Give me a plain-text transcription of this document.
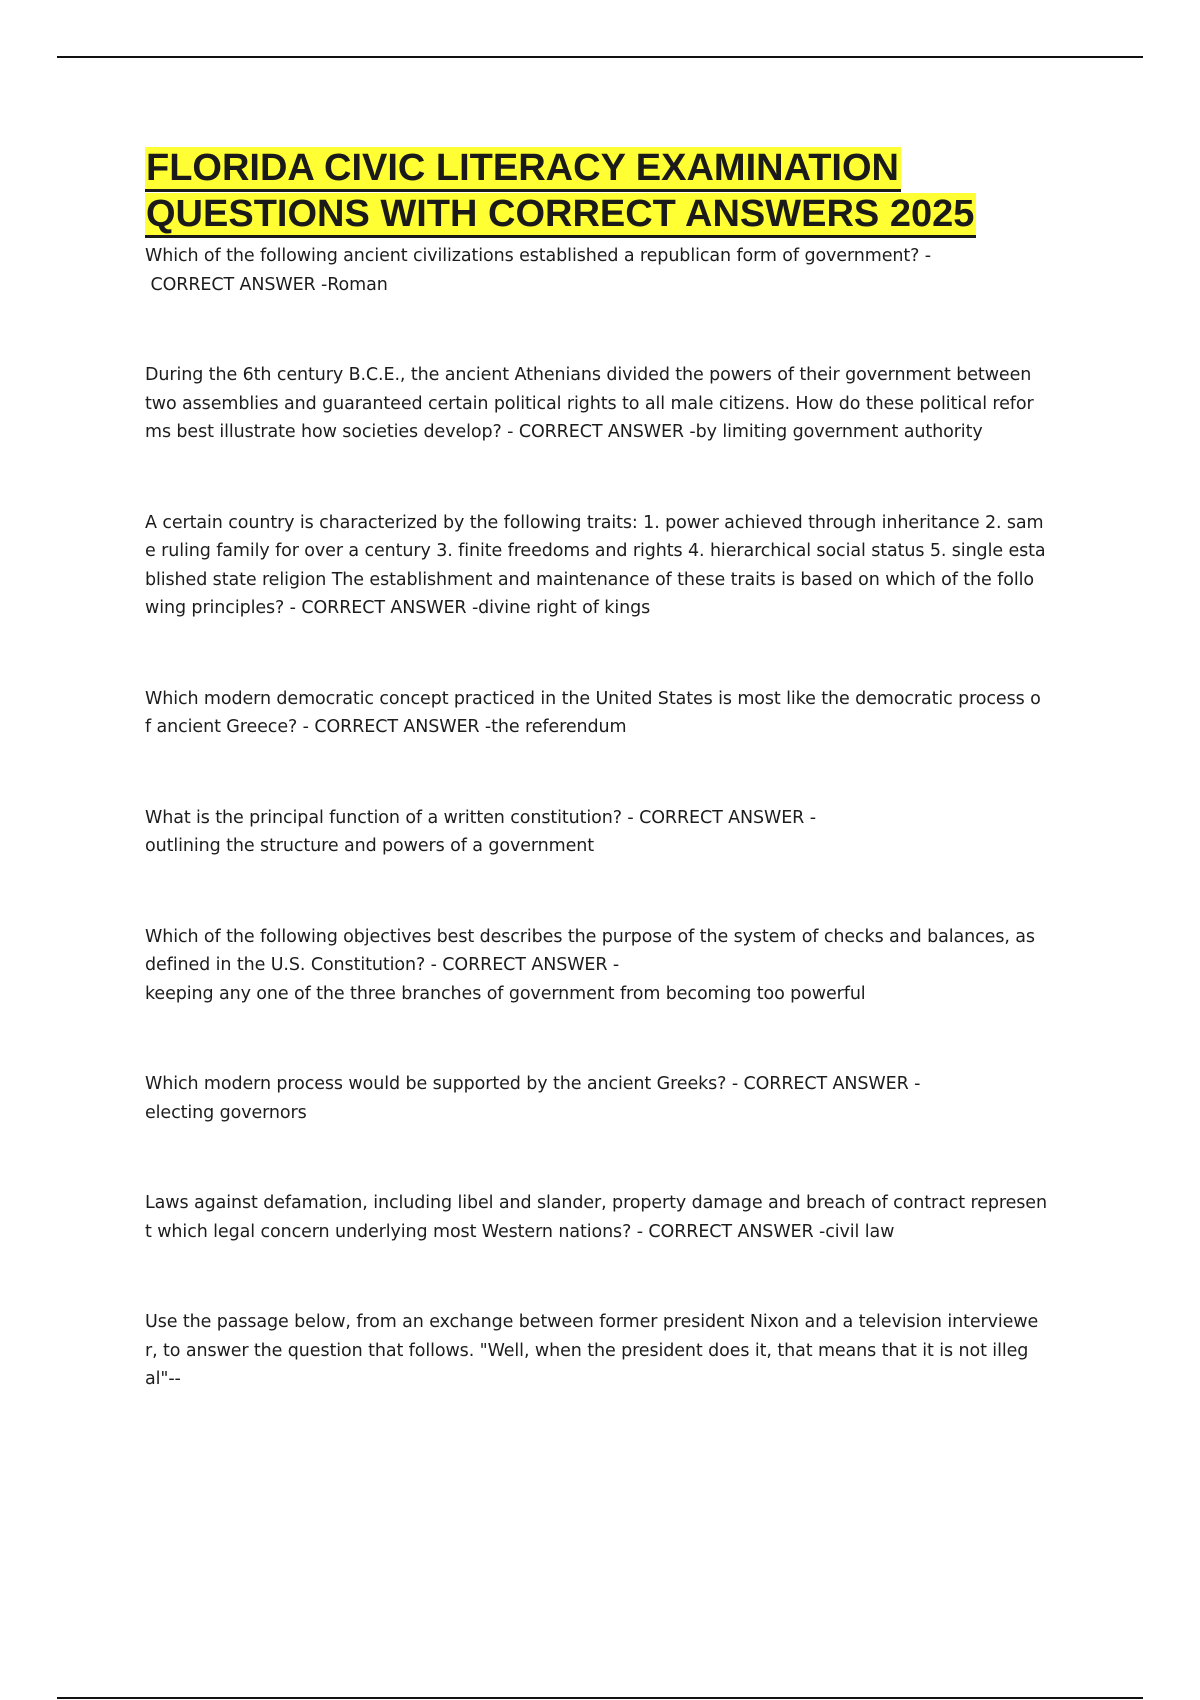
FLORIDA CIVIC LITERACY EXAMINATION
QUESTIONS WITH CORRECT ANSWERS 2025

Which of the following ancient civilizations established a republican form of government? -
CORRECT ANSWER -Roman

During the 6th century B.C.E., the ancient Athenians divided the powers of their government between
two assemblies and guaranteed certain political rights to all male citizens. How do these political refor
ms best illustrate how societies develop? - CORRECT ANSWER -by limiting government authority

A certain country is characterized by the following traits: 1. power achieved through inheritance 2. sam
e ruling family for over a century 3. finite freedoms and rights 4. hierarchical social status 5. single esta
blished state religion The establishment and maintenance of these traits is based on which of the follo
wing principles? - CORRECT ANSWER -divine right of kings

Which modern democratic concept practiced in the United States is most like the democratic process o
f ancient Greece? - CORRECT ANSWER -the referendum

What is the principal function of a written constitution? - CORRECT ANSWER -
outlining the structure and powers of a government

Which of the following objectives best describes the purpose of the system of checks and balances, as
defined in the U.S. Constitution? - CORRECT ANSWER -
keeping any one of the three branches of government from becoming too powerful

Which modern process would be supported by the ancient Greeks? - CORRECT ANSWER -
electing governors

Laws against defamation, including libel and slander, property damage and breach of contract represen
t which legal concern underlying most Western nations? - CORRECT ANSWER -civil law

Use the passage below, from an exchange between former president Nixon and a television interviewe
r, to answer the question that follows. "Well, when the president does it, that means that it is not illeg
al"--
